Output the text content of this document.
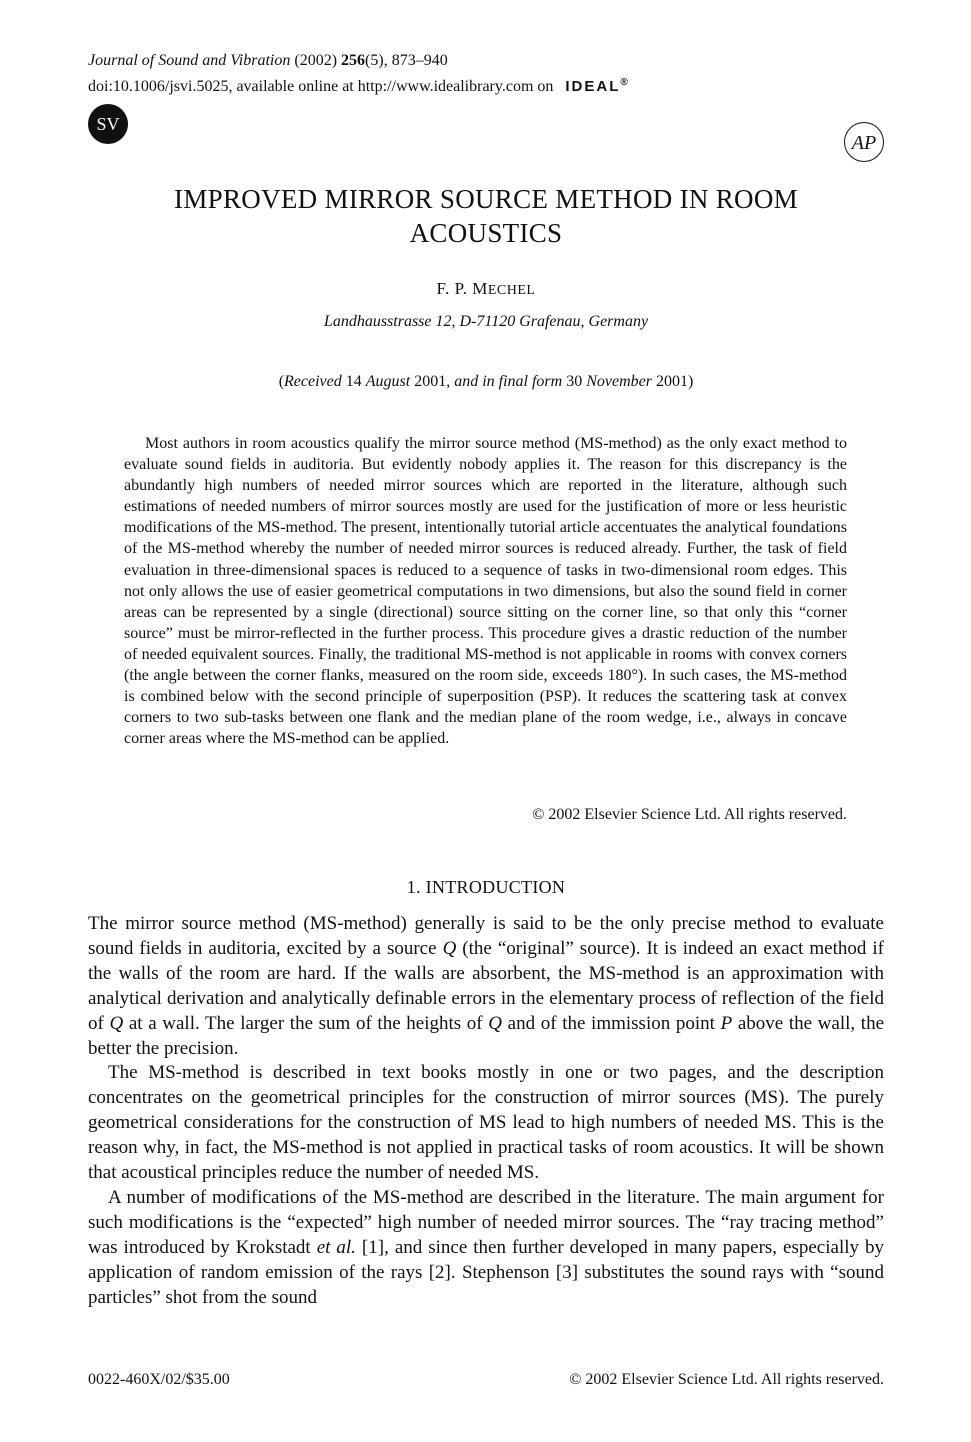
Journal of Sound and Vibration (2002) 256(5), 873–940
doi:10.1006/jsvi.5025, available online at http://www.idealibrary.com on IDEAL®
SV
AP
IMPROVED MIRROR SOURCE METHOD IN ROOM
ACOUSTICS
F. P. MECHEL
Landhausstrasse 12, D-71120 Grafenau, Germany
(Received 14 August 2001, and in final form 30 November 2001)

Most authors in room acoustics qualify the mirror source method (MS-method) as the only exact method to evaluate sound fields in auditoria. But evidently nobody applies it. The reason for this discrepancy is the abundantly high numbers of needed mirror sources which are reported in the literature, although such estimations of needed numbers of mirror sources mostly are used for the justification of more or less heuristic modifications of the MS-method. The present, intentionally tutorial article accentuates the analytical foundations of the MS-method whereby the number of needed mirror sources is reduced already. Further, the task of field evaluation in three-dimensional spaces is reduced to a sequence of tasks in two-dimensional room edges. This not only allows the use of easier geometrical computations in two dimensions, but also the sound field in corner areas can be represented by a single (directional) source sitting on the corner line, so that only this “corner source” must be mirror-reflected in the further process. This procedure gives a drastic reduction of the number of needed equivalent sources. Finally, the traditional MS-method is not applicable in rooms with convex corners (the angle between the corner flanks, measured on the room side, exceeds 180°). In such cases, the MS-method is combined below with the second principle of superposition (PSP). It reduces the scattering task at convex corners to two sub-tasks between one flank and the median plane of the room wedge, i.e., always in concave corner areas where the MS-method can be applied.

© 2002 Elsevier Science Ltd. All rights reserved.
1. INTRODUCTION

The mirror source method (MS-method) generally is said to be the only precise method to evaluate sound fields in auditoria, excited by a source Q (the “original” source). It is indeed an exact method if the walls of the room are hard. If the walls are absorbent, the MS-method is an approximation with analytical derivation and analytically definable errors in the elementary process of reflection of the field of Q at a wall. The larger the sum of the heights of Q and of the immission point P above the wall, the better the precision.

The MS-method is described in text books mostly in one or two pages, and the description concentrates on the geometrical principles for the construction of mirror sources (MS). The purely geometrical considerations for the construction of MS lead to high numbers of needed MS. This is the reason why, in fact, the MS-method is not applied in practical tasks of room acoustics. It will be shown that acoustical principles reduce the number of needed MS.

A number of modifications of the MS-method are described in the literature. The main argument for such modifications is the “expected” high number of needed mirror sources. The “ray tracing method” was introduced by Krokstadt et al. [1], and since then further developed in many papers, especially by application of random emission of the rays [2]. Stephenson [3] substitutes the sound rays with “sound particles” shot from the sound

0022-460X/02/$35.00	© 2002 Elsevier Science Ltd. All rights reserved.
